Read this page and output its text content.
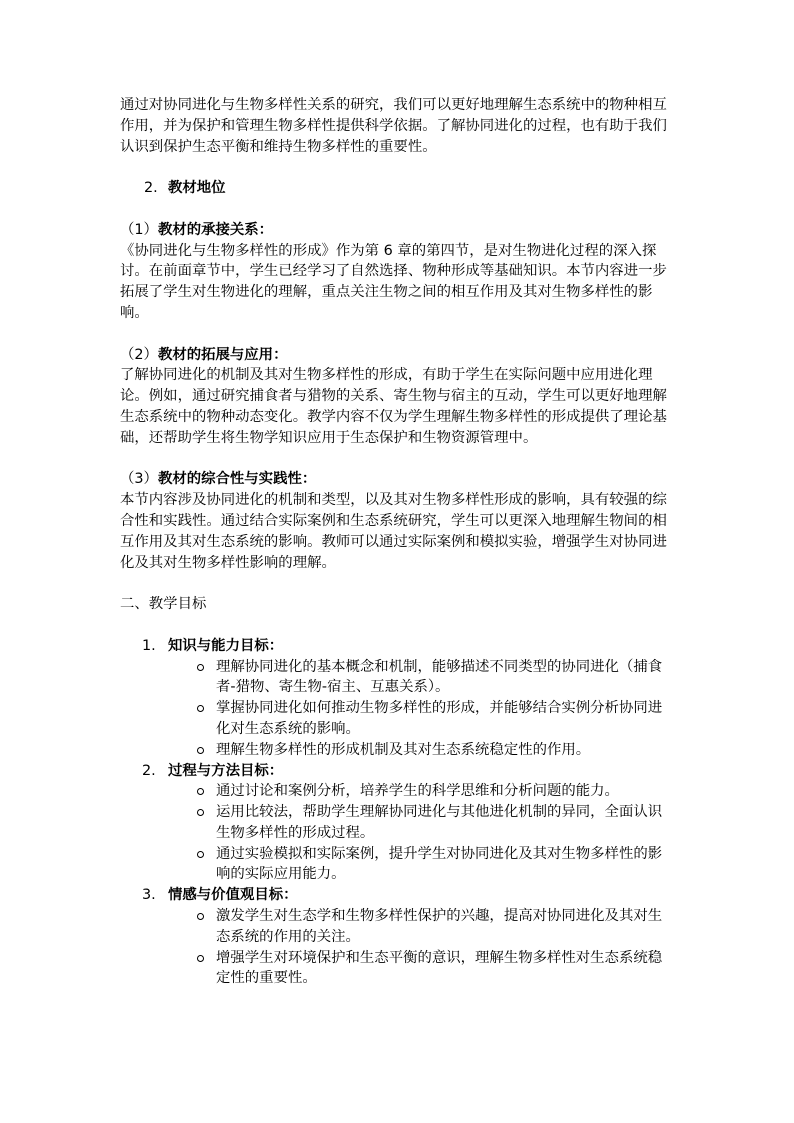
通过对协同进化与生物多样性关系的研究，我们可以更好地理解生态系统中的物种相互作用，并为保护和管理生物多样性提供科学依据。了解协同进化的过程，也有助于我们认识到保护生态平衡和维持生物多样性的重要性。

2. 教材地位

（1）教材的承接关系：

《协同进化与生物多样性的形成》作为第 6 章的第四节，是对生物进化过程的深入探讨。在前面章节中，学生已经学习了自然选择、物种形成等基础知识。本节内容进一步拓展了学生对生物进化的理解，重点关注生物之间的相互作用及其对生物多样性的影响。

（2）教材的拓展与应用：

了解协同进化的机制及其对生物多样性的形成，有助于学生在实际问题中应用进化理论。例如，通过研究捕食者与猎物的关系、寄生物与宿主的互动，学生可以更好地理解生态系统中的物种动态变化。教学内容不仅为学生理解生物多样性的形成提供了理论基础，还帮助学生将生物学知识应用于生态保护和生物资源管理中。

（3）教材的综合性与实践性：

本节内容涉及协同进化的机制和类型，以及其对生物多样性形成的影响，具有较强的综合性和实践性。通过结合实际案例和生态系统研究，学生可以更深入地理解生物间的相互作用及其对生态系统的影响。教师可以通过实际案例和模拟实验，增强学生对协同进化及其对生物多样性影响的理解。

二、教学目标

1. 知识与能力目标：
理解协同进化的基本概念和机制，能够描述不同类型的协同进化（捕食者-猎物、寄生物-宿主、互惠关系）。
掌握协同进化如何推动生物多样性的形成，并能够结合实例分析协同进化对生态系统的影响。
理解生物多样性的形成机制及其对生态系统稳定性的作用。
2. 过程与方法目标：
通过讨论和案例分析，培养学生的科学思维和分析问题的能力。
运用比较法，帮助学生理解协同进化与其他进化机制的异同，全面认识生物多样性的形成过程。
通过实验模拟和实际案例，提升学生对协同进化及其对生物多样性的影响的实际应用能力。
3. 情感与价值观目标：
激发学生对生态学和生物多样性保护的兴趣，提高对协同进化及其对生态系统的作用的关注。
增强学生对环境保护和生态平衡的意识，理解生物多样性对生态系统稳定性的重要性。
